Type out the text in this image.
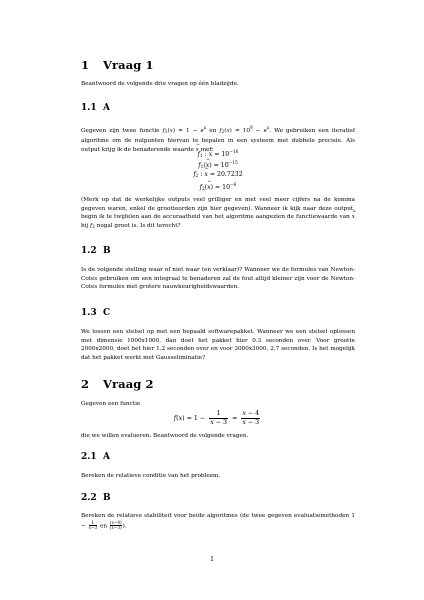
1 Vraag 1
Beantwoord de volgende drie vragen op één bladzijde.
1.1 A
Gegeven zijn twee functie $f1(x) = 1 - e^x$ en $f2(x) = 10^9 - e^x$. We gebruiken een iteratief algoritme om de nulpunten hiervan te bepalen in een systeem met dubbele precisie. Als output krijg ik de benaderende waarde x ^ met:
f1 : x ^ = $10^{-16}$
f1(x ^) = $10^{-15}$
f2 : x ^ = 20.7232
f2(x ^) = $10^{-6}$
(Merk op dat de werkelijke outputs veel grilliger en met veel meer cijfers na de komma gegeven waren, enkel de grootteorden zijn hier gegeven). Wanneer ik kijk naar deze output, begin ik te twijfelen aan de accuraatheid van het algoritme aangezien de functiewaarde van x ^ bij f2 nogal groot is. Is dit terecht?
1.2 B
Is de volgende stelling waar of niet waar (en verklaar)? Wanneer we de formules van Newton-Cotes gebruiken om een integraal te benaderen zal de fout altijd kleiner zijn voor de Newton-Cotes formules met grotere nauwkeurigheidswaarden.
1.3 C
We lossen een stelsel op met een bepaald softwarepakket. Wanneer we een stelsel oplossen met dimensie 1000x1000, dan doet het pakket hier 0.3 seconden over. Voor grootte 2000x2000, doet het hier 1.2 seconden over en voor 3000x3000, 2.7 seconden. Is het mogelijk dat het pakket werkt met Gausseliminatie?
2 Vraag 2
Gegeven een functie
$f(x) = 1 - \frac{1}{x - 3} = \frac{x - 4}{x - 3}$
die we willen evalueren. Beantwoord de volgende vragen.
2.1 A
Bereken de relatieve conditie van het probleem.
2.2 B
Bereken de relatieve stabiliteit voor beide algoritmes (de twee gegeven evaluatiemethoden $1 - \frac{1}{x-3}$ en $\frac{(x-4)}{(x-3)}$ ).
1
